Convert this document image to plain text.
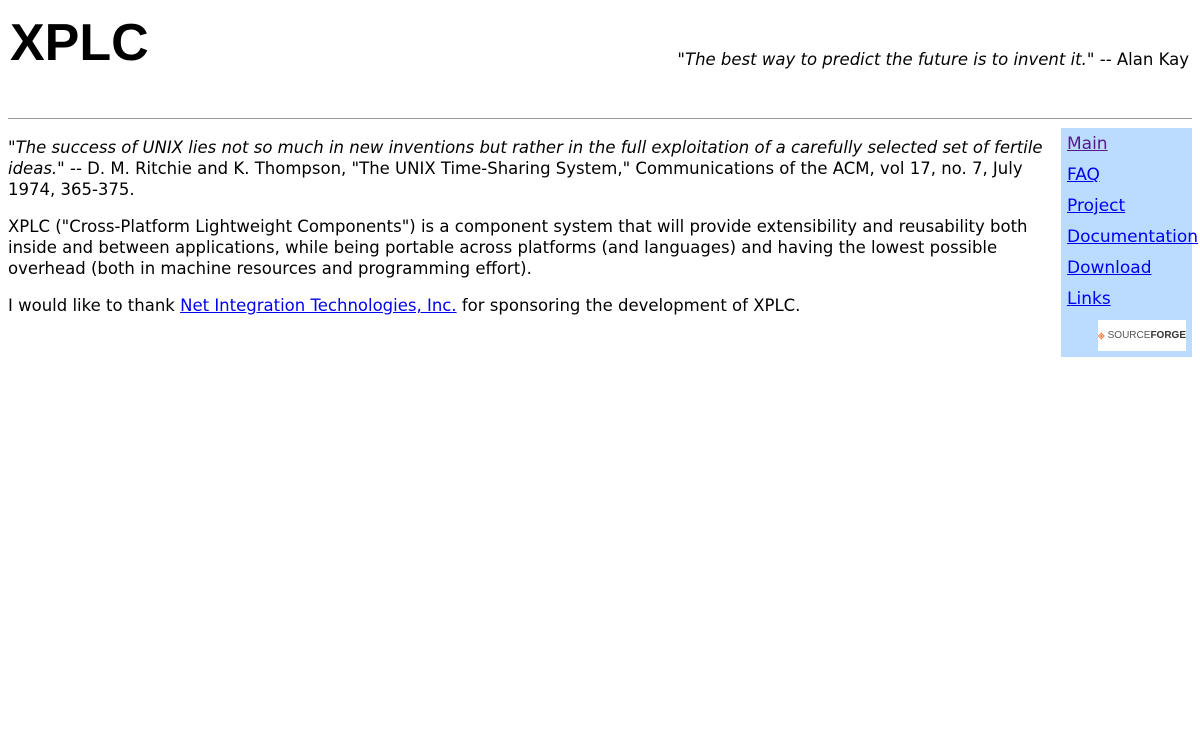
XPLC	"The best way to predict the future is to invent it." -- Alan Kay

"The success of UNIX lies not so much in new inventions but rather in the full exploitation of a carefully selected set of fertile ideas." -- D. M. Ritchie and K. Thompson, "The UNIX Time-Sharing System," Communications of the ACM, vol 17, no. 7, July 1974, 365-375.

XPLC ("Cross-Platform Lightweight Components") is a component system that will provide extensibility and reusability both inside and between applications, while being portable across platforms (and languages) and having the lowest possible overhead (both in machine resources and programming effort).

I would like to thank Net Integration Technologies, Inc. for sponsoring the development of XPLC.

Main
FAQ
Project
Documentation
Download
Links
SOURCEFORGE
